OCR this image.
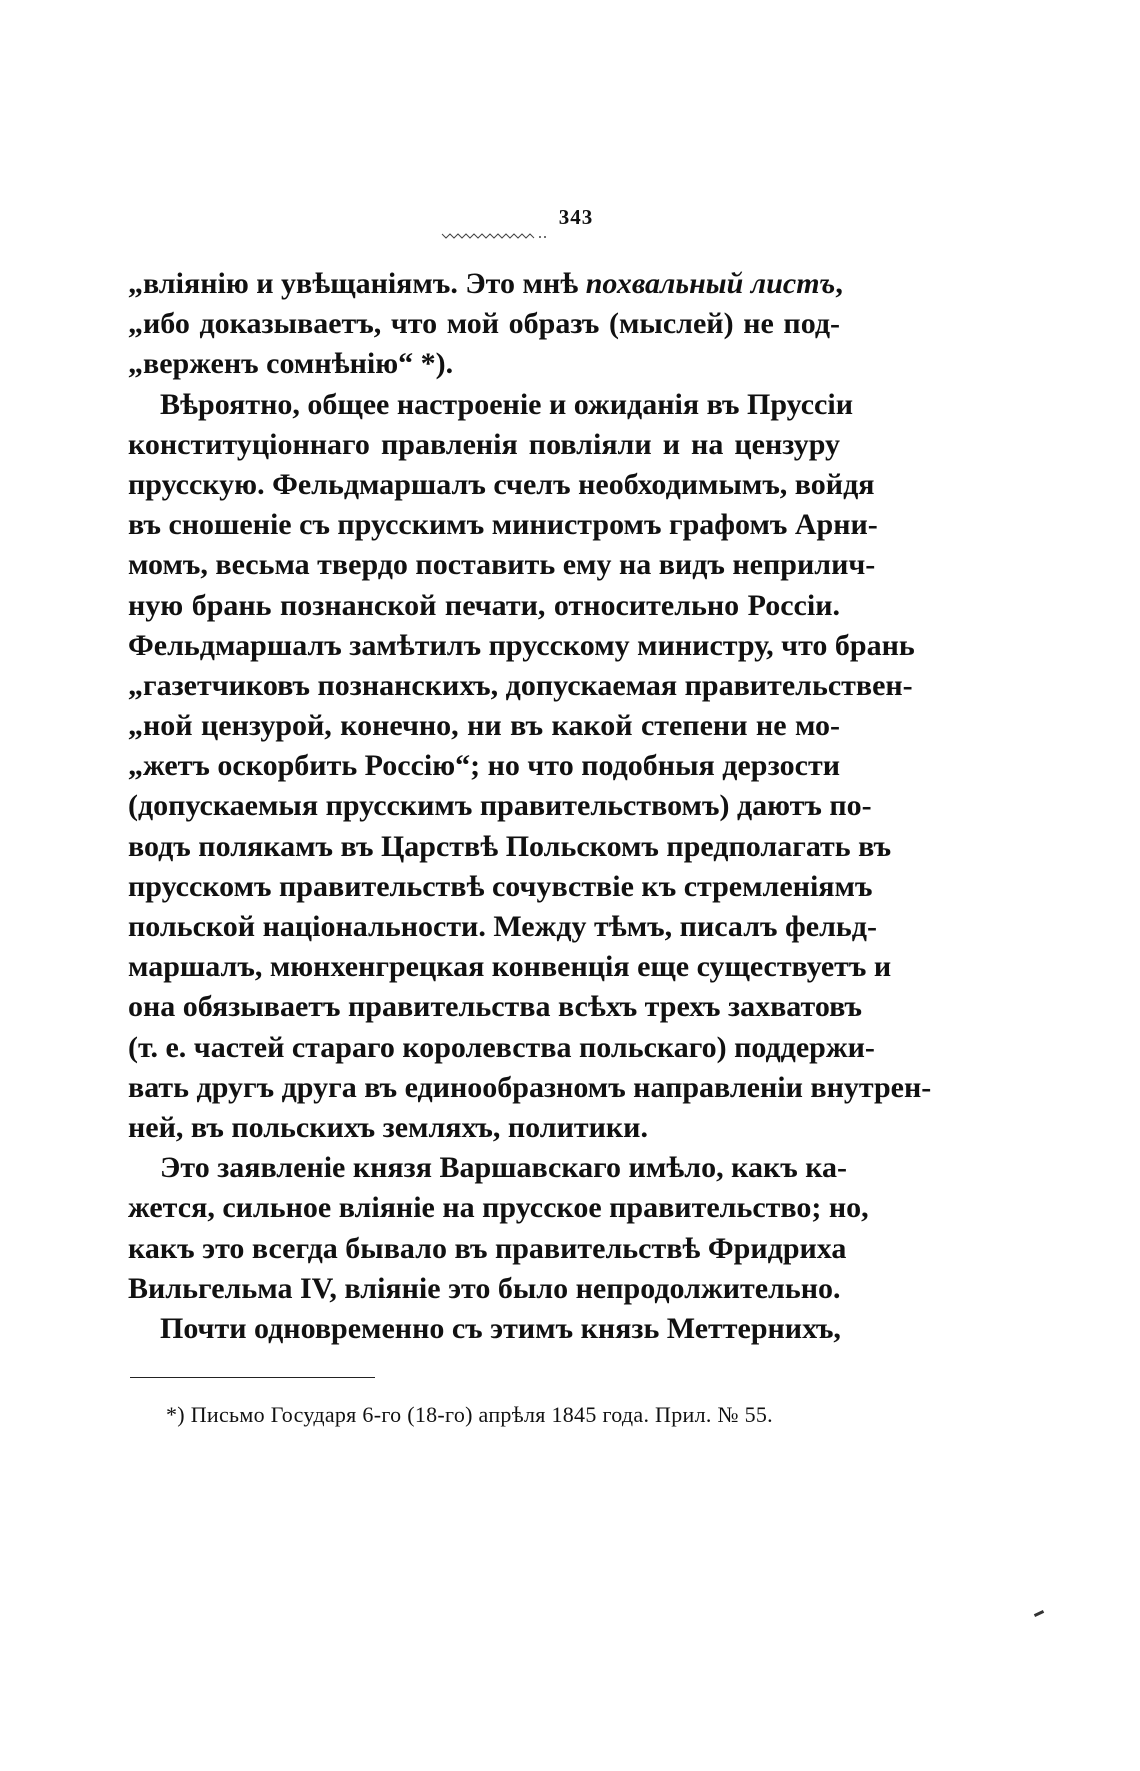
343
„вліянію и увѣщаніямъ. Это мнѣ похвальный листъ,
„ибо доказываетъ, что мой образъ (мыслей) не под-
„верженъ сомнѣнію“ *).
Вѣроятно, общее настроеніе и ожиданія въ Пруссіи
конституціоннаго правленія повліяли и на цензуру
прусскую. Фельдмаршалъ счелъ необходимымъ, войдя
въ сношеніе съ прусскимъ министромъ графомъ Арни-
момъ, весьма твердо поставить ему на видъ неприлич-
ную брань познанской печати, относительно Россіи.
Фельдмаршалъ замѣтилъ прусскому министру, что брань
„газетчиковъ познанскихъ, допускаемая правительствен-
„ной цензурой, конечно, ни въ какой степени не мо-
„жетъ оскорбить Россію“; но что подобныя дерзости
(допускаемыя прусскимъ правительствомъ) даютъ по-
водъ полякамъ въ Царствѣ Польскомъ предполагать въ
прусскомъ правительствѣ сочувствіе къ стремленіямъ
польской національности. Между тѣмъ, писалъ фельд-
маршалъ, мюнхенгрецкая конвенція еще существуетъ и
она обязываетъ правительства всѣхъ трехъ захватовъ
(т. е. частей стараго королевства польскаго) поддержи-
вать другъ друга въ единообразномъ направленіи внутрен-
ней, въ польскихъ земляхъ, политики.
Это заявленіе князя Варшавскаго имѣло, какъ ка-
жется, сильное вліяніе на прусское правительство; но,
какъ это всегда бывало въ правительствѣ Фридриха
Вильгельма IV, вліяніе это было непродолжительно.
Почти одновременно съ этимъ князь Меттернихъ,
*) Письмо Государя 6-го (18-го) апрѣля 1845 года. Прил. № 55.
